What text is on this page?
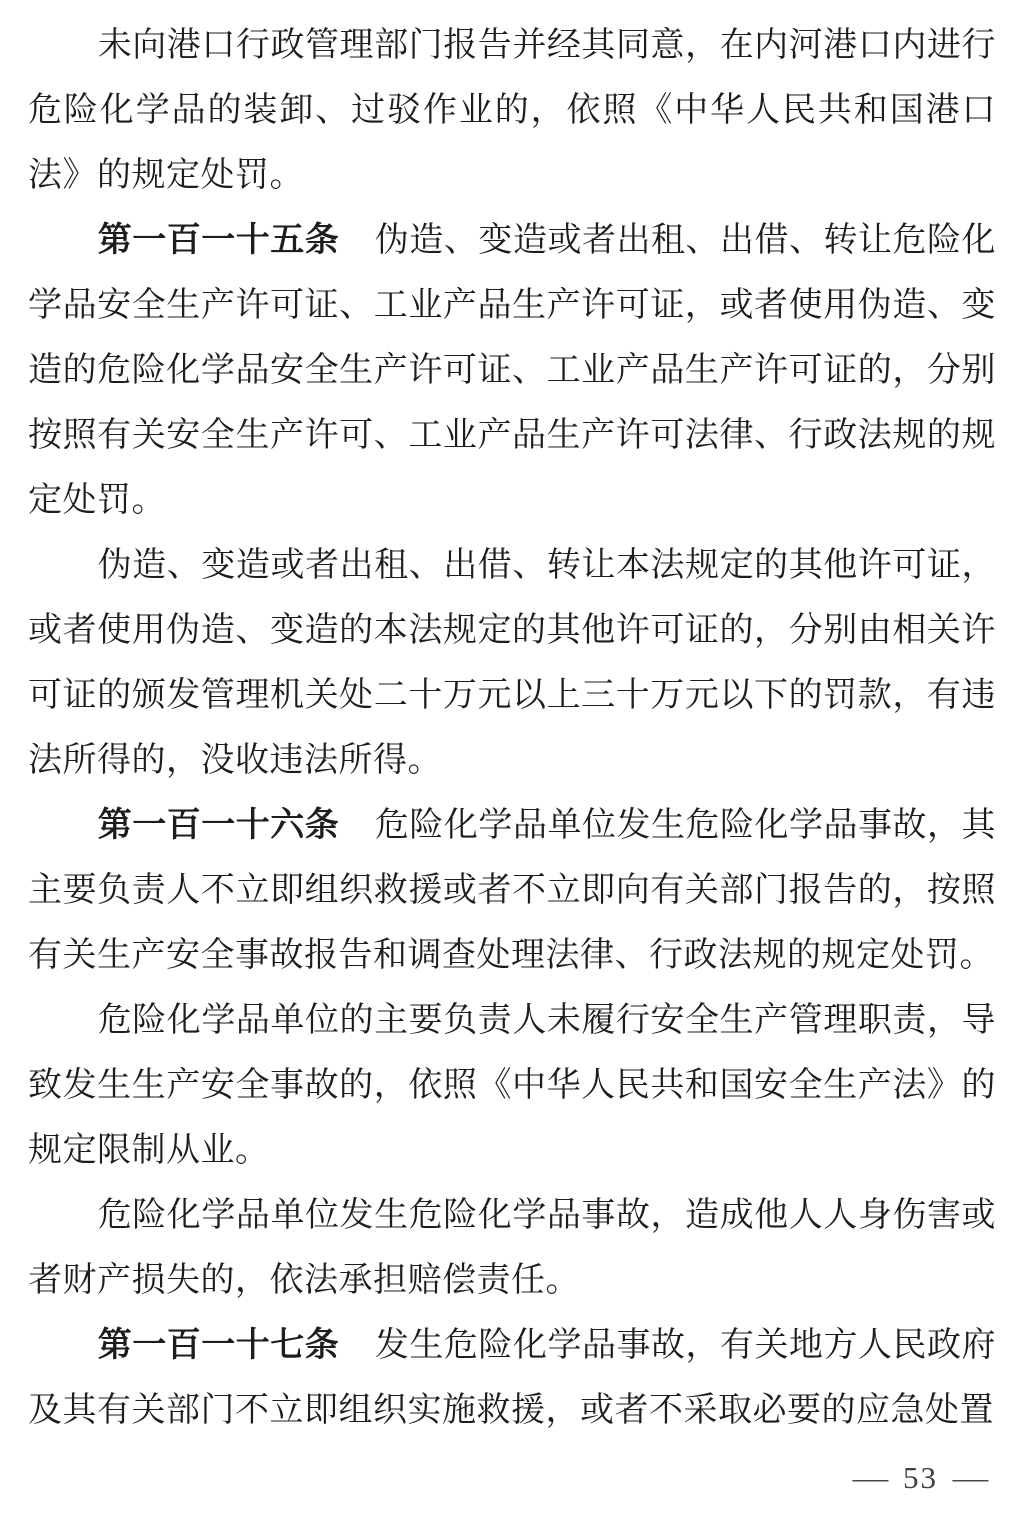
未向港口行政管理部门报告并经其同意，在内河港口内进行危险化学品的装卸、过驳作业的，依照《中华人民共和国港口法》的规定处罚。

第一百一十五条 伪造、变造或者出租、出借、转让危险化学品安全生产许可证、工业产品生产许可证，或者使用伪造、变造的危险化学品安全生产许可证、工业产品生产许可证的，分别按照有关安全生产许可、工业产品生产许可法律、行政法规的规定处罚。

伪造、变造或者出租、出借、转让本法规定的其他许可证，或者使用伪造、变造的本法规定的其他许可证的，分别由相关许可证的颁发管理机关处二十万元以上三十万元以下的罚款，有违法所得的，没收违法所得。

第一百一十六条 危险化学品单位发生危险化学品事故，其主要负责人不立即组织救援或者不立即向有关部门报告的，按照有关生产安全事故报告和调查处理法律、行政法规的规定处罚。

危险化学品单位的主要负责人未履行安全生产管理职责，导致发生生产安全事故的，依照《中华人民共和国安全生产法》的规定限制从业。

危险化学品单位发生危险化学品事故，造成他人人身伤害或者财产损失的，依法承担赔偿责任。

第一百一十七条 发生危险化学品事故，有关地方人民政府及其有关部门不立即组织实施救援，或者不采取必要的应急处置

— 53 —
